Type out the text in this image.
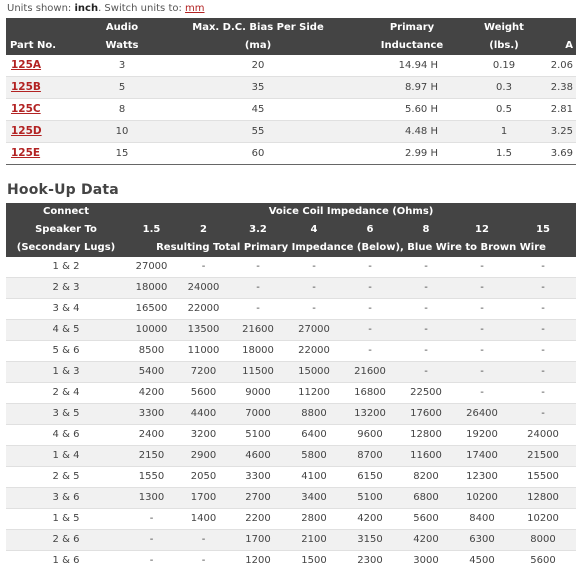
Units shown: inch. Switch units to: mm
	Audio	Max. D.C. Bias Per Side	Primary	Weight	
Part No.	Watts	(ma)	Inductance	(lbs.)	A
125A	3	20	14.94 H	0.19	2.06
125B	5	35	8.97 H	0.3	2.38
125C	8	45	5.60 H	0.5	2.81
125D	10	55	4.48 H	1	3.25
125E	15	60	2.99 H	1.5	3.69
Hook-Up Data
Connect	Voice Coil Impedance (Ohms)							
Speaker To	1.5	2	3.2	4	6	8	12	15
(Secondary Lugs)	Resulting Total Primary Impedance (Below), Blue Wire to Brown Wire							
1 & 2	27000	-	-	-	-	-	-	-
2 & 3	18000	24000	-	-	-	-	-	-
3 & 4	16500	22000	-	-	-	-	-	-
4 & 5	10000	13500	21600	27000	-	-	-	-
5 & 6	8500	11000	18000	22000	-	-	-	-
1 & 3	5400	7200	11500	15000	21600	-	-	-
2 & 4	4200	5600	9000	11200	16800	22500	-	-
3 & 5	3300	4400	7000	8800	13200	17600	26400	-
4 & 6	2400	3200	5100	6400	9600	12800	19200	24000
1 & 4	2150	2900	4600	5800	8700	11600	17400	21500
2 & 5	1550	2050	3300	4100	6150	8200	12300	15500
3 & 6	1300	1700	2700	3400	5100	6800	10200	12800
1 & 5	-	1400	2200	2800	4200	5600	8400	10200
2 & 6	-	-	1700	2100	3150	4200	6300	8000
1 & 6	-	-	1200	1500	2300	3000	4500	5600
